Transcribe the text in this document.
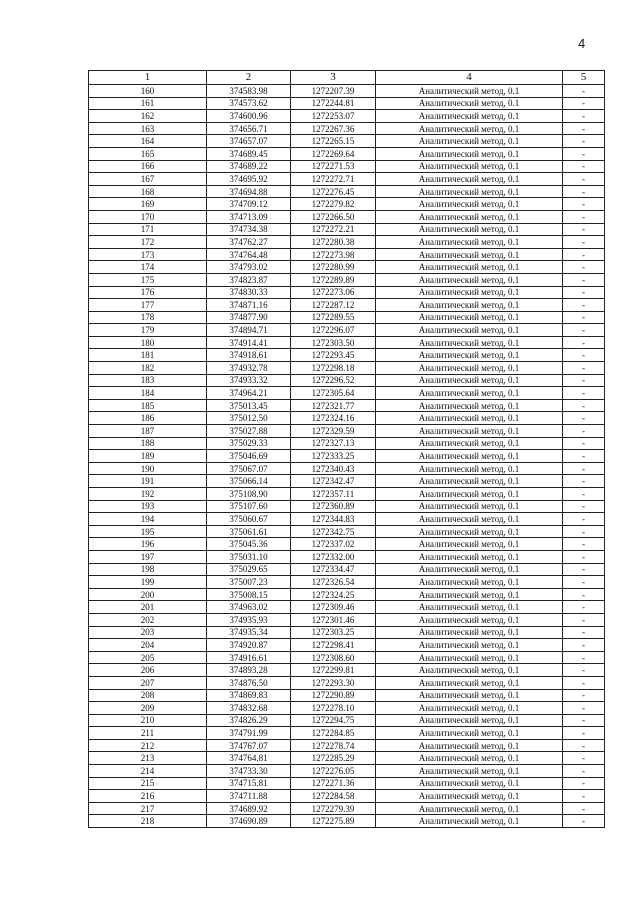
4
1	2	3	4	5
160	374583.98	1272207.39	Аналитический метод, 0.1	-
161	374573.62	1272244.81	Аналитический метод, 0.1	-
162	374600.96	1272253.07	Аналитический метод, 0.1	-
163	374656.71	1272267.36	Аналитический метод, 0.1	-
164	374657.07	1272265.15	Аналитический метод, 0.1	-
165	374689.45	1272269.64	Аналитический метод, 0.1	-
166	374689.22	1272271.53	Аналитический метод, 0.1	-
167	374695.92	1272272.71	Аналитический метод, 0.1	-
168	374694.88	1272276.45	Аналитический метод, 0.1	-
169	374709.12	1272279.82	Аналитический метод, 0.1	-
170	374713.09	1272266.50	Аналитический метод, 0.1	-
171	374734.38	1272272.21	Аналитический метод, 0.1	-
172	374762.27	1272280.38	Аналитический метод, 0.1	-
173	374764.48	1272273.98	Аналитический метод, 0.1	-
174	374793.02	1272280.99	Аналитический метод, 0.1	-
175	374823.87	1272289.89	Аналитический метод, 0.1	-
176	374830.33	1272273.06	Аналитический метод, 0.1	-
177	374871.16	1272287.12	Аналитический метод, 0.1	-
178	374877.90	1272289.55	Аналитический метод, 0.1	-
179	374894.71	1272296.07	Аналитический метод, 0.1	-
180	374914.41	1272303.50	Аналитический метод, 0.1	-
181	374918.61	1272293.45	Аналитический метод, 0.1	-
182	374932.78	1272298.18	Аналитический метод, 0.1	-
183	374933.32	1272296.52	Аналитический метод, 0.1	-
184	374964.21	1272305.64	Аналитический метод, 0.1	-
185	375013.45	1272321.77	Аналитический метод, 0.1	-
186	375012.50	1272324.16	Аналитический метод, 0.1	-
187	375027.88	1272329.59	Аналитический метод, 0.1	-
188	375029.33	1272327.13	Аналитический метод, 0.1	-
189	375046.69	1272333.25	Аналитический метод, 0.1	-
190	375067.07	1272340.43	Аналитический метод, 0.1	-
191	375066.14	1272342.47	Аналитический метод, 0.1	-
192	375108.90	1272357.11	Аналитический метод, 0.1	-
193	375107.60	1272360.89	Аналитический метод, 0.1	-
194	375060.67	1272344.83	Аналитический метод, 0.1	-
195	375061.61	1272342.75	Аналитический метод, 0.1	-
196	375045.36	1272337.02	Аналитический метод, 0.1	-
197	375031.10	1272332.00	Аналитический метод, 0.1	-
198	375029.65	1272334.47	Аналитический метод, 0.1	-
199	375007.23	1272326.54	Аналитический метод, 0.1	-
200	375008.15	1272324.25	Аналитический метод, 0.1	-
201	374963.02	1272309.46	Аналитический метод, 0.1	-
202	374935.93	1272301.46	Аналитический метод, 0.1	-
203	374935.34	1272303.25	Аналитический метод, 0.1	-
204	374920.87	1272298.41	Аналитический метод, 0.1	-
205	374916.61	1272308.60	Аналитический метод, 0.1	-
206	374893.28	1272299.81	Аналитический метод, 0.1	-
207	374876.50	1272293.30	Аналитический метод, 0.1	-
208	374869.83	1272290.89	Аналитический метод, 0.1	-
209	374832.68	1272278.10	Аналитический метод, 0.1	-
210	374826.29	1272294.75	Аналитический метод, 0.1	-
211	374791.99	1272284.85	Аналитический метод, 0.1	-
212	374767.07	1272278.74	Аналитический метод, 0.1	-
213	374764.81	1272285.29	Аналитический метод, 0.1	-
214	374733.30	1272276.05	Аналитический метод, 0.1	-
215	374715.81	1272271.36	Аналитический метод, 0.1	-
216	374711.88	1272284.58	Аналитический метод, 0.1	-
217	374689.92	1272279.39	Аналитический метод, 0.1	-
218	374690.89	1272275.89	Аналитический метод, 0.1	-
